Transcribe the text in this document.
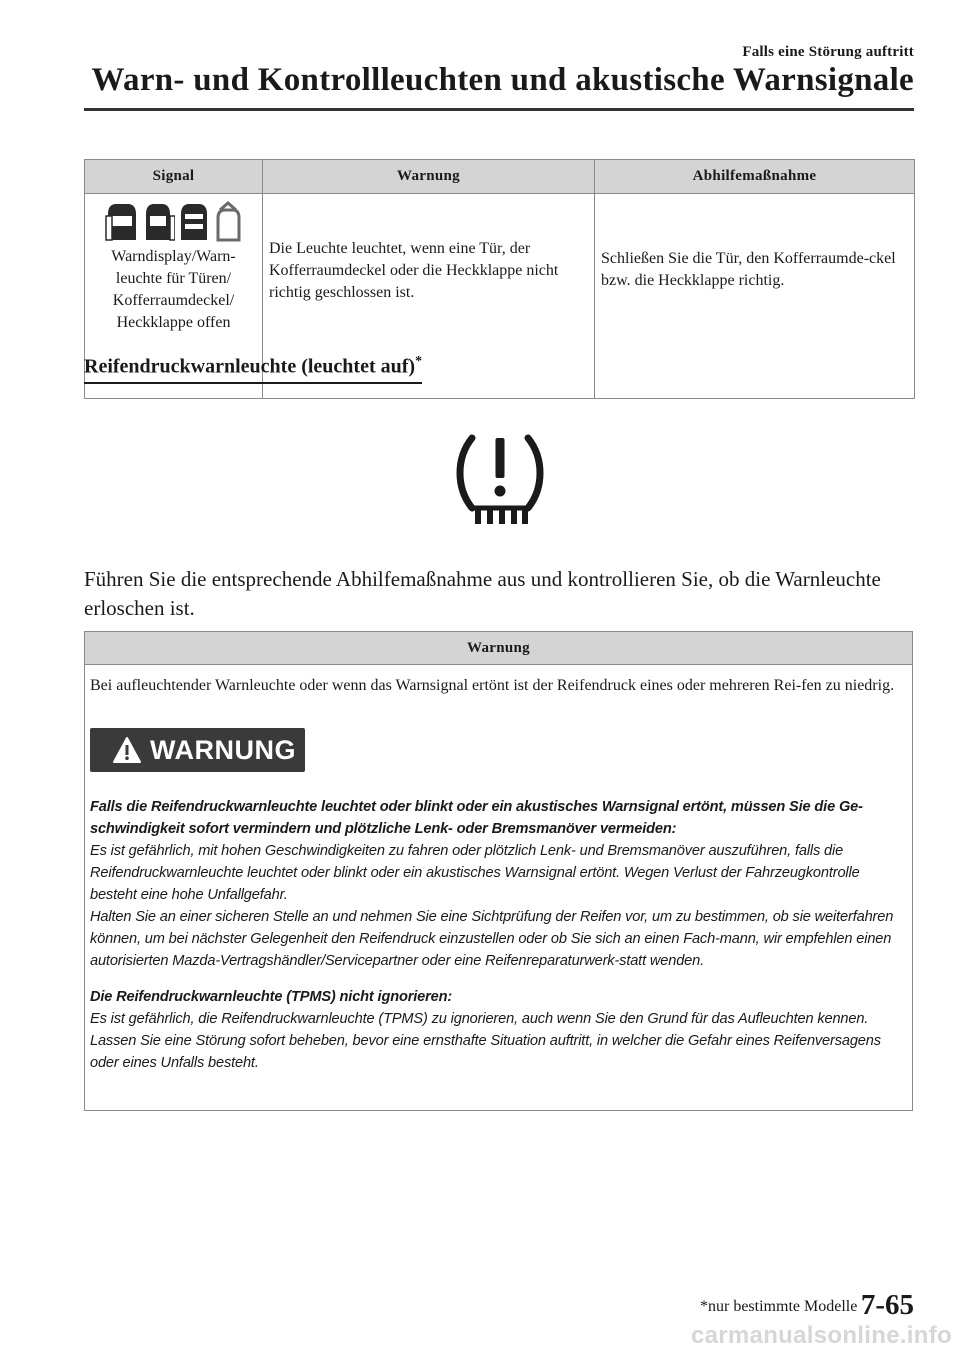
Falls eine Störung auftritt
Warn- und Kontrollleuchten und akustische Warnsignale
Signal	Warnung	Abhilfemaßnahme

Warndisplay/Warn-
leuchte für Türen/
Kofferraumdeckel/
Heckklappe offen	Die Leuchte leuchtet, wenn eine Tür, der Kofferraumdeckel oder die Heckklappe nicht richtig geschlossen ist.	Schließen Sie die Tür, den Kofferraumde-ckel bzw. die Heckklappe richtig.
Reifendruckwarnleuchte (leuchtet auf)*
Führen Sie die entsprechende Abhilfemaßnahme aus und kontrollieren Sie, ob die Warnleuchte erloschen ist.
Warnung
Bei aufleuchtender Warnleuchte oder wenn das Warnsignal ertönt ist der Reifendruck eines oder mehreren Rei-fen zu niedrig.
WARNUNG

Falls die Reifendruckwarnleuchte leuchtet oder blinkt oder ein akustisches Warnsignal ertönt, müssen Sie die Ge-schwindigkeit sofort vermindern und plötzliche Lenk- oder Bremsmanöver vermeiden:

Es ist gefährlich, mit hohen Geschwindigkeiten zu fahren oder plötzlich Lenk- und Bremsmanöver auszuführen, falls die Reifendruckwarnleuchte leuchtet oder blinkt oder ein akustisches Warnsignal ertönt. Wegen Verlust der Fahrzeugkontrolle besteht eine hohe Unfallgefahr.

Halten Sie an einer sicheren Stelle an und nehmen Sie eine Sichtprüfung der Reifen vor, um zu bestimmen, ob sie weiterfahren können, um bei nächster Gelegenheit den Reifendruck einzustellen oder ob Sie sich an einen Fach-mann, wir empfehlen einen autorisierten Mazda-Vertragshändler/Servicepartner oder eine Reifenreparaturwerk-statt wenden.

Die Reifendruckwarnleuchte (TPMS) nicht ignorieren:

Es ist gefährlich, die Reifendruckwarnleuchte (TPMS) zu ignorieren, auch wenn Sie den Grund für das Aufleuchten kennen. Lassen Sie eine Störung sofort beheben, bevor eine ernsthafte Situation auftritt, in welcher die Gefahr eines Reifenversagens oder eines Unfalls besteht.

*nur bestimmte Modelle 7-65
carmanualsonline.info
